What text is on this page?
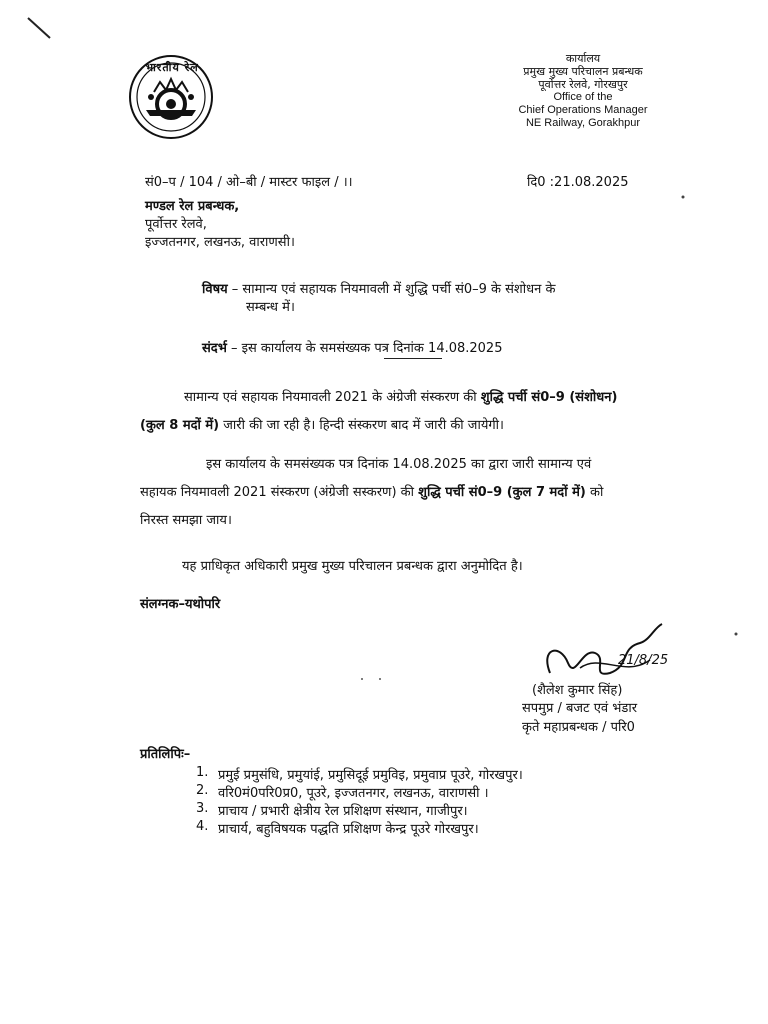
भारतीय रेल
कार्यालय
प्रमुख मुख्य परिचालन प्रबन्धक
पूर्वोत्तर रेलवे, गोरखपुर
Office of the
Chief Operations Manager
NE Railway, Gorakhpur
सं0–प / 104 / ओ–बी / मास्टर फाइल / ।।	दि0 :21.08.2025
मण्डल रेल प्रबन्धक,
पूर्वोत्तर रेलवे,
इज्जतनगर, लखनऊ, वाराणसी।
विषय – सामान्य एवं सहायक नियमावली में शुद्धि पर्ची सं0–9 के संशोधन के
सम्बन्ध में।
संदर्भ – इस कार्यालय के समसंख्यक पत्र दिनांक 14.08.2025
सामान्य एवं सहायक नियमावली 2021 के अंग्रेजी संस्करण की शुद्धि पर्ची सं0–9 (संशोधन)
(कुल 8 मदों में) जारी की जा रही है। हिन्दी संस्करण बाद में जारी की जायेगी।
इस कार्यालय के समसंख्यक पत्र दिनांक 14.08.2025 का द्वारा जारी सामान्य एवं
सहायक नियमावली 2021 संस्करण (अंग्रेजी सस्करण) की शुद्धि पर्ची सं0–9 (कुल 7 मदों में) को
निरस्त समझा जाय।
यह प्राधिकृत अधिकारी प्रमुख मुख्य परिचालन प्रबन्धक द्वारा अनुमोदित है।
संलग्नक–यथोपरि
21/8/25
(शैलेश कुमार सिंह)
सपमुप्र / बजट एवं भंडार
कृते महाप्रबन्धक / परि0
प्रतिलिपिः–
1. प्रमुई प्रमुसंधि, प्रमुयांई, प्रमुसिदूई प्रमुविइ, प्रमुवाप्र पूउरे, गोरखपुर।
2. वरि0मं0परि0प्र0, पूउरे, इज्जतनगर, लखनऊ, वाराणसी ।
3. प्राचाय / प्रभारी क्षेत्रीय रेल प्रशिक्षण संस्थान, गाजीपुर।
4. प्राचार्य, बहुविषयक पद्धति प्रशिक्षण केन्द्र पूउरे गोरखपुर।
